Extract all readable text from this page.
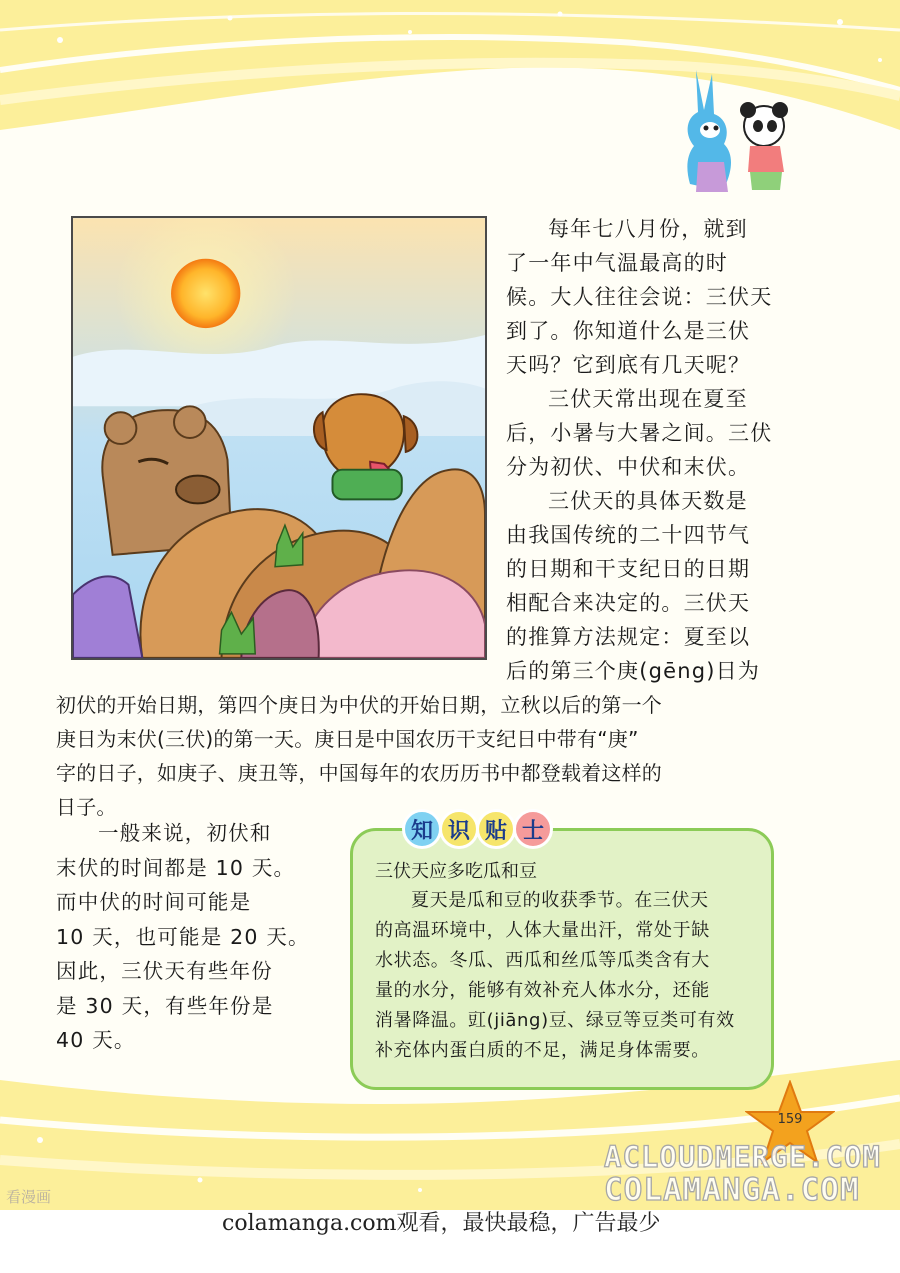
每年七八月份，就到
了一年中气温最高的时
候。大人往往会说：三伏天
到了。你知道什么是三伏
天吗？它到底有几天呢？
三伏天常出现在夏至
后，小暑与大暑之间。三伏
分为初伏、中伏和末伏。
三伏天的具体天数是
由我国传统的二十四节气
的日期和干支纪日的日期
相配合来决定的。三伏天
的推算方法规定：夏至以
后的第三个庚(gēng)日为
初伏的开始日期，第四个庚日为中伏的开始日期，立秋以后的第一个
庚日为末伏(三伏)的第一天。庚日是中国农历干支纪日中带有“庚”
字的日子，如庚子、庚丑等，中国每年的农历历书中都登载着这样的
日子。
一般来说，初伏和
末伏的时间都是 10 天。
而中伏的时间可能是
10 天，也可能是 20 天。
因此，三伏天有些年份
是 30 天，有些年份是
40 天。
知 识 贴 士
三伏天应多吃瓜和豆
夏天是瓜和豆的收获季节。在三伏天
的高温环境中，人体大量出汗，常处于缺
水状态。冬瓜、西瓜和丝瓜等瓜类含有大
量的水分，能够有效补充人体水分，还能
消暑降温。豇(jiāng)豆、绿豆等豆类可有效
补充体内蛋白质的不足，满足身体需要。
159
ACLOUDMERGE.COM
COLAMANGA.COM
看漫画
colamanga.com观看，最快最稳，广告最少
